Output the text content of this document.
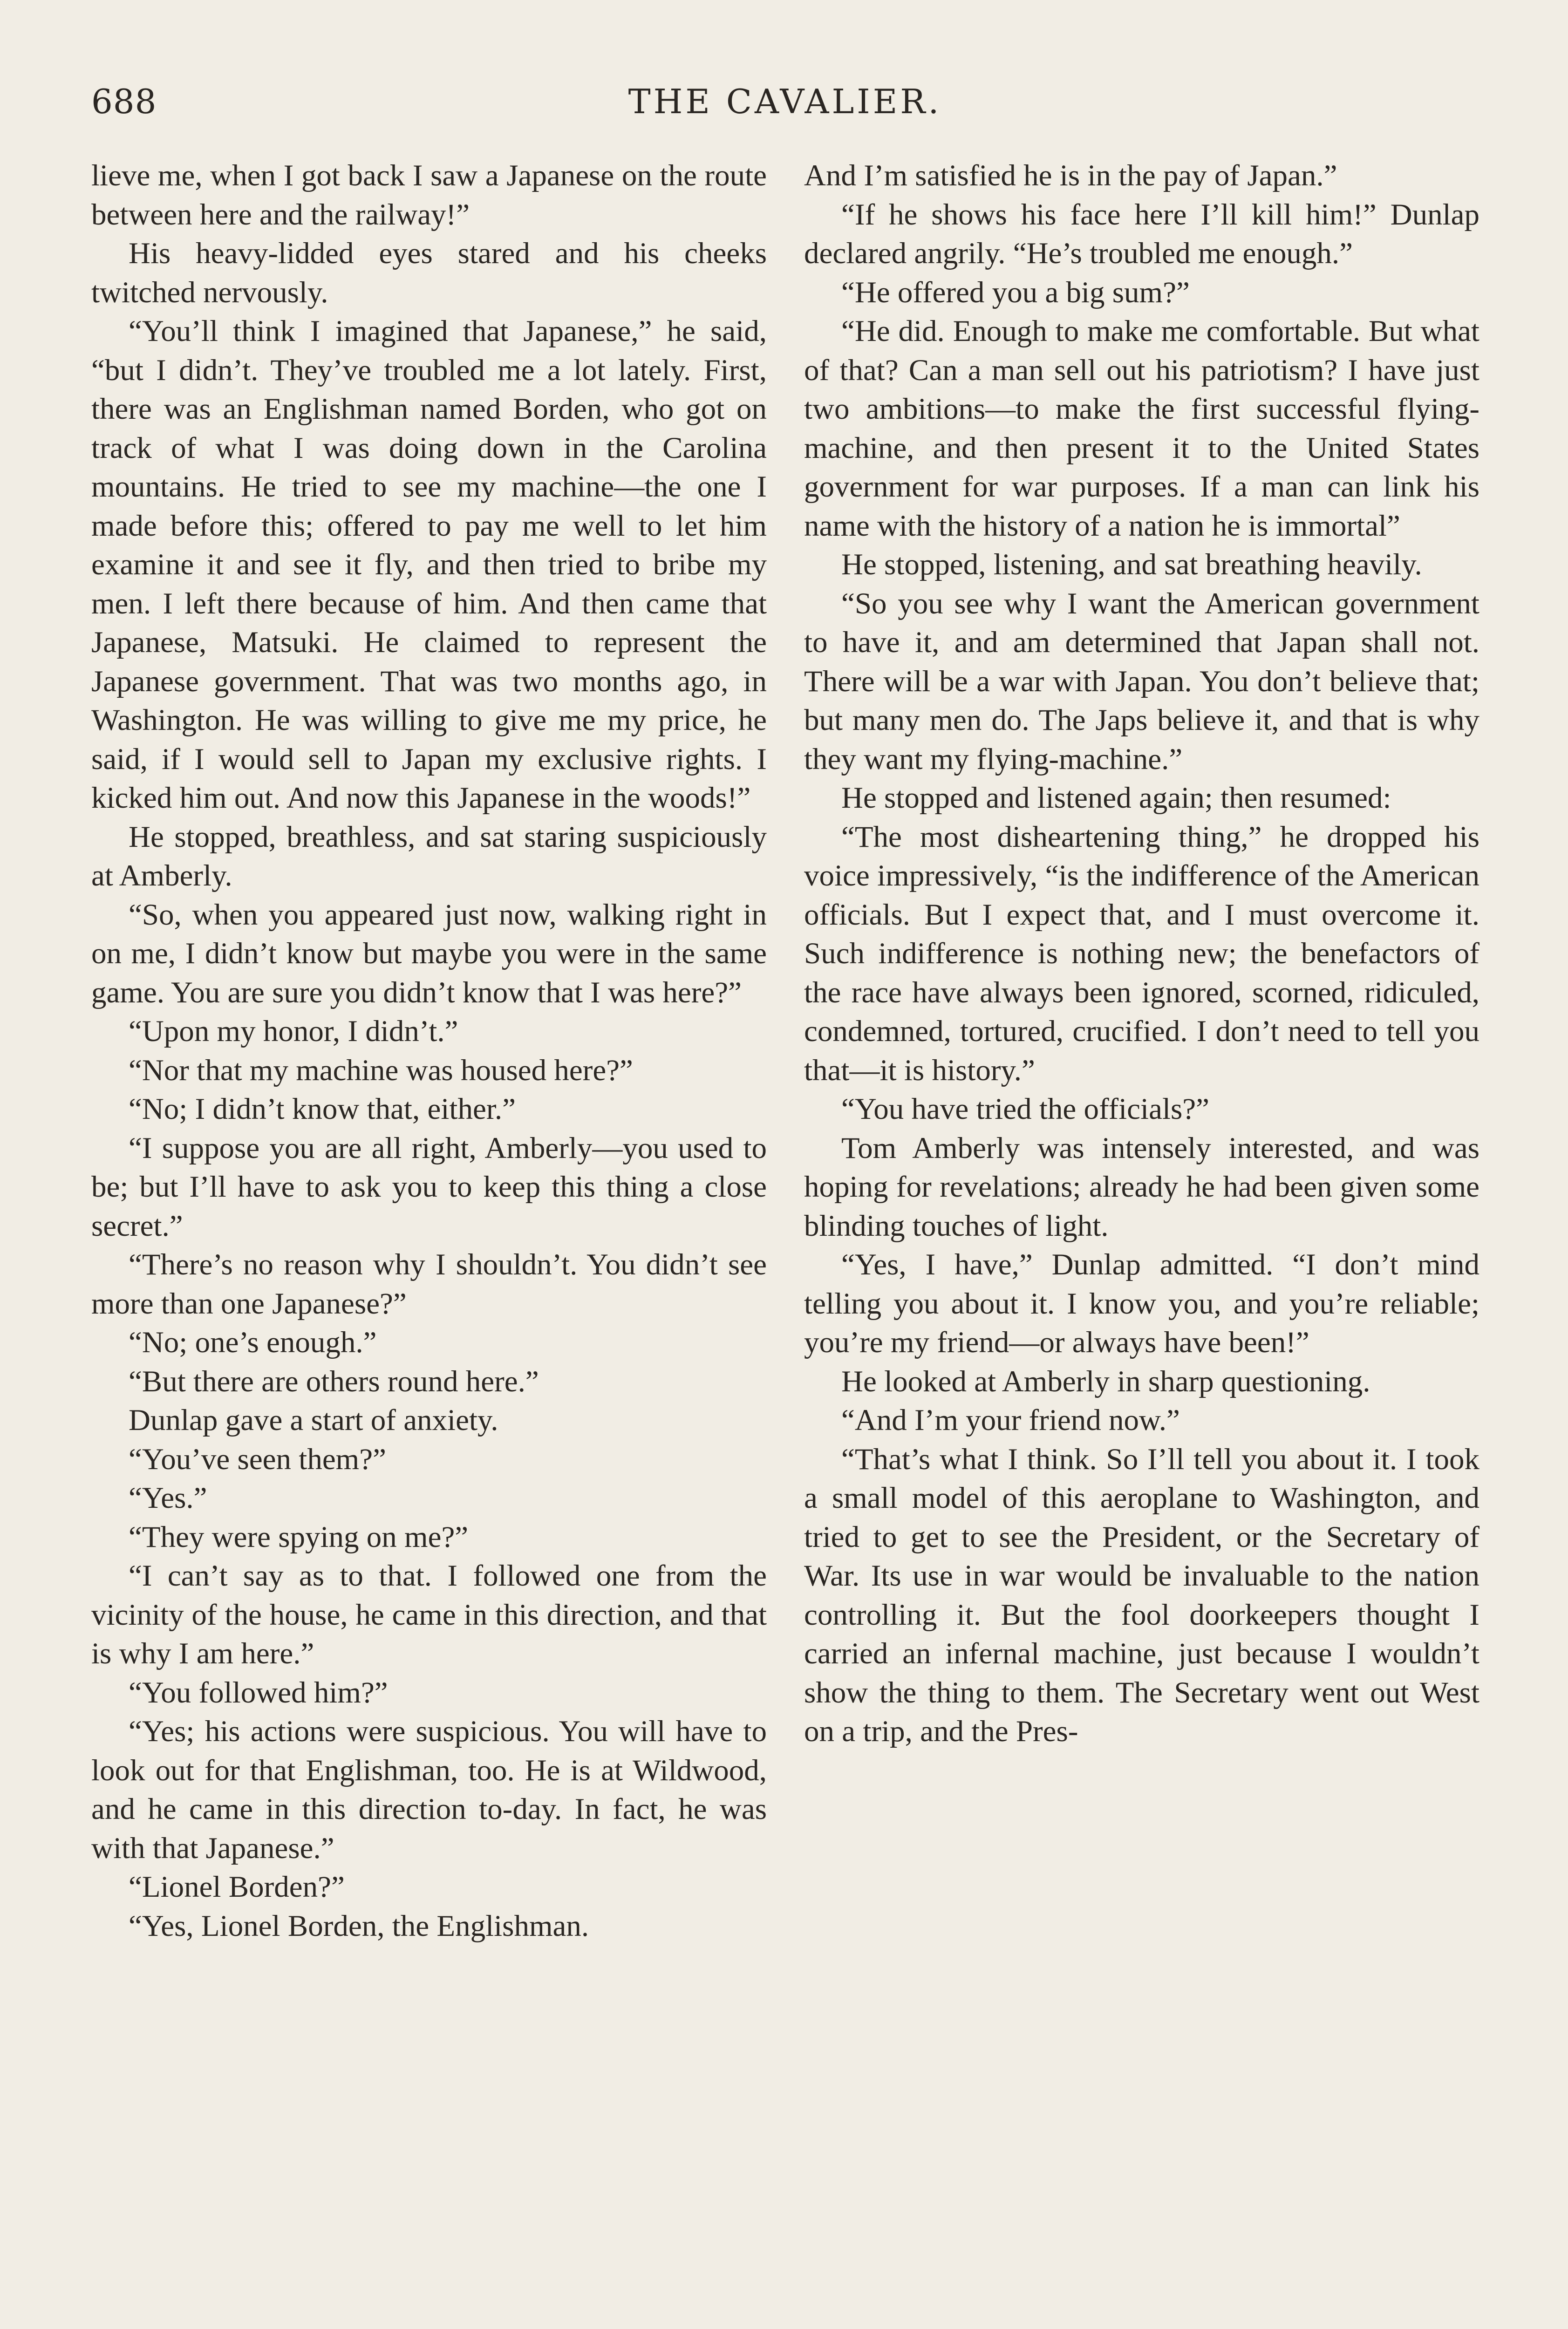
688	THE CAVALIER.

lieve me, when I got back I saw a Japanese on the route between here and the railway!”

His heavy-lidded eyes stared and his cheeks twitched nervously.

“You’ll think I imagined that Japanese,” he said, “but I didn’t. They’ve troubled me a lot lately. First, there was an Englishman named Borden, who got on track of what I was doing down in the Carolina mountains. He tried to see my machine—the one I made before this; offered to pay me well to let him examine it and see it fly, and then tried to bribe my men. I left there because of him. And then came that Japanese, Matsuki. He claimed to represent the Japanese government. That was two months ago, in Washington. He was willing to give me my price, he said, if I would sell to Japan my exclusive rights. I kicked him out. And now this Japanese in the woods!”

He stopped, breathless, and sat staring suspiciously at Amberly.

“So, when you appeared just now, walking right in on me, I didn’t know but maybe you were in the same game. You are sure you didn’t know that I was here?”

“Upon my honor, I didn’t.”

“Nor that my machine was housed here?”

“No; I didn’t know that, either.”

“I suppose you are all right, Amberly—you used to be; but I’ll have to ask you to keep this thing a close secret.”

“There’s no reason why I shouldn’t. You didn’t see more than one Japanese?”

“No; one’s enough.”

“But there are others round here.”

Dunlap gave a start of anxiety.

“You’ve seen them?”

“Yes.”

“They were spying on me?”

“I can’t say as to that. I followed one from the vicinity of the house, he came in this direction, and that is why I am here.”

“You followed him?”

“Yes; his actions were suspicious. You will have to look out for that Englishman, too. He is at Wildwood, and he came in this direction to-day. In fact, he was with that Japanese.”

“Lionel Borden?”

“Yes, Lionel Borden, the Englishman.

And I’m satisfied he is in the pay of Japan.”

“If he shows his face here I’ll kill him!” Dunlap declared angrily. “He’s troubled me enough.”

“He offered you a big sum?”

“He did. Enough to make me comfortable. But what of that? Can a man sell out his patriotism? I have just two ambitions—to make the first successful flying-machine, and then present it to the United States government for war purposes. If a man can link his name with the history of a nation he is immortal”

He stopped, listening, and sat breathing heavily.

“So you see why I want the American government to have it, and am determined that Japan shall not. There will be a war with Japan. You don’t believe that; but many men do. The Japs believe it, and that is why they want my flying-machine.”

He stopped and listened again; then resumed:

“The most disheartening thing,” he dropped his voice impressively, “is the indifference of the American officials. But I expect that, and I must overcome it. Such indifference is nothing new; the benefactors of the race have always been ignored, scorned, ridiculed, condemned, tortured, crucified. I don’t need to tell you that—it is history.”

“You have tried the officials?”

Tom Amberly was intensely interested, and was hoping for revelations; already he had been given some blinding touches of light.

“Yes, I have,” Dunlap admitted. “I don’t mind telling you about it. I know you, and you’re reliable; you’re my friend—or always have been!”

He looked at Amberly in sharp questioning.

“And I’m your friend now.”

“That’s what I think. So I’ll tell you about it. I took a small model of this aeroplane to Washington, and tried to get to see the President, or the Secretary of War. Its use in war would be invaluable to the nation controlling it. But the fool doorkeepers thought I carried an infernal machine, just because I wouldn’t show the thing to them. The Secretary went out West on a trip, and the Pres-
